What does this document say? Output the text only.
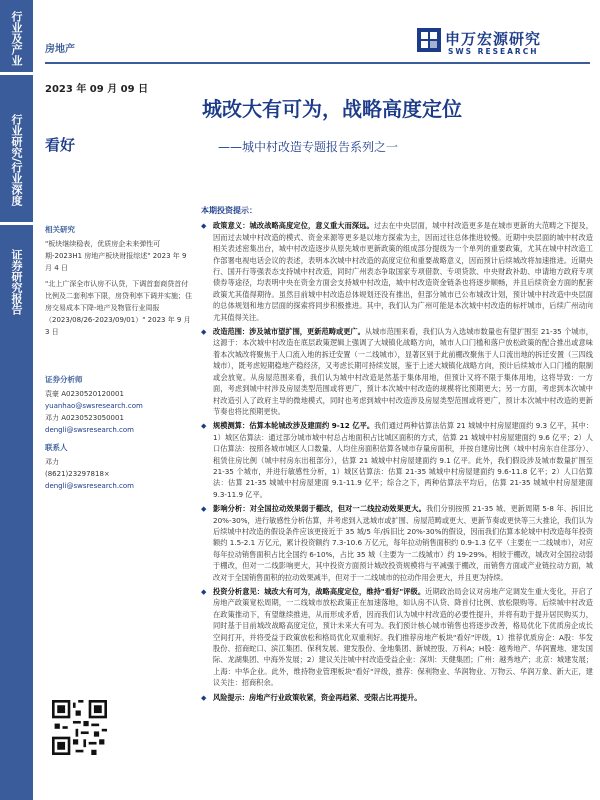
行业及产业
行业研究/行业深度
证券研究报告
房地产
申万宏源研究
SWS RESEARCH
2023 年 09 月 09 日
看好
城改大有可为，战略高度定位
——城中村改造专题报告系列之一
相关研究
"板块继续稳表，优质房企未来弹性可期-2023H1 房地产板块财报综述" 2023 年 9 月 4 日
"北上广深全市认房不认贷，下调首套商贷首付比例及二套利率下限，房贷利率下调并实施；住房交易成本下降-地产及物管行业周报（2023/08/26-2023/09/01）" 2023 年 9 月 3 日
证券分析师
袁豪 A0230520120001
yuanhao@swsresearch.com
邓力 A0230523050001
dengli@swsresearch.com
联系人
邓力
(8621)23297818×
dengli@swsresearch.com
本期投资提示：
◆ 政策意义：城改战略高度定位，意义重大而深远。过去在中央层面，城中村改造更多是在城市更新的大范畴之下提及，因而过去城中村改造的模式、资金来源等更多是以地方探索为主，因而过往总体推进较慢。近期中央层面的城中村改造相关表述密集出台，城中村改造逐步从原先城市更新政策的组成部分提级为一个单列的重要政策，尤其在城中村改造工作部署电视电话会议的表述，表明本次城中村改造的高度定位和重要战略意义，因而预计后续城改将加速推进。近期央行、国开行等强表态支持城中村改造，同时广州表态争取国家专项借款、专项贷款、中央财政补助、申请地方政府专项债券等途径，均表明中央在资金方面会支持城中村改造，城中村改造资金链条也将逐步顺畅，并且后续资金方面的配套政策尤其值得期待。虽然目前城中村改造总体规划还没有推出，但部分城市已公布城改计划，预计城中村改造中央层面的总体规划和地方层面的探索将同步积极推进。其中，我们认为广州可能是本次城中村改造的标杆城市，后续广州动向尤其值得关注。
◆ 改造范围：涉及城市望扩围，更新范畴或更广。从城市范围来看，我们认为入选城市数量也有望扩围至 21-35 个城市，这源于：本次城中村改造在底层政策逻辑上强调了大城镇化战略方向，城市人口门槛和落户放松政策的配合推出或意味着本次城改将聚焦于人口流入地的拆迁安置（一二线城市），显著区别于此前棚改聚焦于人口流出地的拆迁安置（三四线城市），既考虑短期稳地产稳经济，又考虑长期可持续发展，鉴于上述大城镇化战略方向，预计后续城市入口门槛的限制或会放宽。从房屋范围来看，我们认为城中村改造是然基于集体用地，但预计又将不限于集体用地，这将导致：一方面，考虑到城中村涉及房屋类型范围或将更广，预计本次城中村改造的规模将比预期更大；另一方面，考虑到本次城中村改造引入了政府主导的微地模式，同时也考虑到城中村改造涉及房屋类型范围或将更广，预计本次城中村改造的更新节奏也将比预期更快。
◆ 规模测算：估算本轮城改涉及建面约 9-12 亿平。我们通过两种估算法估算 21 城城中村房屋建面约 9.3 亿平，其中：1）城区估算法：通过部分城市城中村总占地面积占比城区面积的方式，估算 21 城城中村房屋建面约 9.6 亿平；2）人口估算法：按照各城市城区人口数量、人均住房面积估算各城市存量房面积，并按自建房比例（城中村房东自住部分）、租赁住房比例（城中村房东出租部分），估算 21 城城中村房屋建面约 9.1 亿平。此外，我们假设涉及城市数量扩围至 21-35 个城市，并进行敏感性分析，1）城区估算法：估算 21-35 城城中村房屋建面约 9.6-11.8 亿平；2）人口估算法：估算 21-35 城城中村房屋建面 9.1-11.9 亿平；综合之下，两种估算法平均后，估算 21-35 城城中村房屋建面 9.3-11.9 亿平。
◆ 影响分析：对全国拉动效果弱于棚改，但对一二线拉动效果更大。我们分别按照 21-35 城、更新周期 5-8 年、拆旧比 20%-30%，进行敏感性分析估算，并考虑到入选城市或扩围、房屋范畴或更大、更新节奏或更快等三大推论，我们认为后续城中村改造的假设条件应该更接近于 35 城/5 年/拆旧比 20%-30%的假设，因而我们估算本轮城中村改造每年投资额约 1.5-2.1 万亿元，累计投资额约 7.3-10.6 万亿元，每年拉动销售面积约 0.9-1.3 亿平（主要在一二线城市），对应每年拉动销售面积占比全国约 6-10%，占比 35 城（主要为一二线城市）约 19-29%。相较于棚改，城改对全国拉动弱于棚改，但对一二线影响更大，其中投资方面预计城改投资规模将与平减强于棚改，而销售方面或产业链拉动方面，城改对于全国销售面积的拉动效果减半，但对于一二线城市的拉动作用会更大，并且更为持续。
◆ 投资分析意见：城改大有可为，战略高度定位，维持"看好"评级。近期政治局会议对房地产定调发生重大变化，开启了房地产政策宽松周期，一二线城市放松政策正在加速落地，如认房不认贷、降首付比例、放松限购等。后续城中村改造在政策推动下，有望继续推进，从而形成矛盾，因而我们认为城中村改造的必要性提升，并将有助于提升居民购买力，同时基于目前城改战略高度定位，预计未来大有可为。我们预计核心城市销售也将逐步改善，格局优化下优质房企成长空间打开，并将受益于政策放松和格局优化双重利好。我们推荐房地产板块"看好"评级，1）推荐优质房企：A股：华发股份、招商蛇口、滨江集团、保利发展、建发股份、金地集团、新城控股、万科A；H股：越秀地产、华润置地、建发国际、龙湖集团、中海外发展；2）建议关注城中村改造受益企业：深圳：天健集团；广州：越秀地产；北京：城建发展；上海：中华企业。此外，维持物业管理板块"看好"评级，推荐：保利物业、华润物业、万物云、华润万象、新大正，建议关注：招商积余。
◆ 风险提示：房地产行业政策收紧，资金再趋紧、受限占比再提升。
